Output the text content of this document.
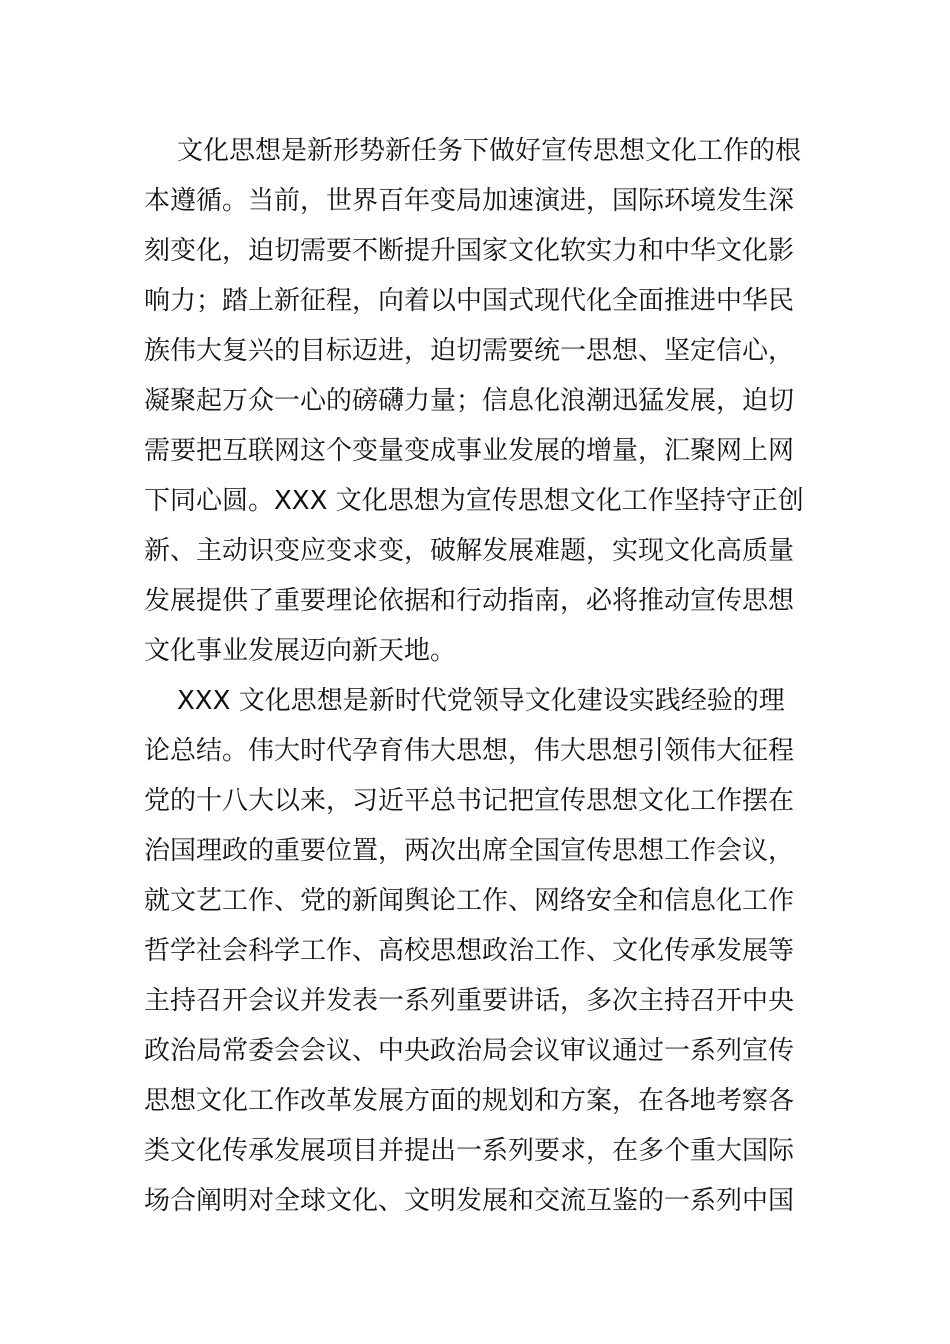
文化思想是新形势新任务下做好宣传思想文化工作的根
本遵循。当前，世界百年变局加速演进，国际环境发生深
刻变化，迫切需要不断提升国家文化软实力和中华文化影
响力；踏上新征程，向着以中国式现代化全面推进中华民
族伟大复兴的目标迈进，迫切需要统一思想、坚定信心，
凝聚起万众一心的磅礴力量；信息化浪潮迅猛发展，迫切
需要把互联网这个变量变成事业发展的增量，汇聚网上网
下同心圆。XXX 文化思想为宣传思想文化工作坚持守正创
新、主动识变应变求变，破解发展难题，实现文化高质量
发展提供了重要理论依据和行动指南，必将推动宣传思想
文化事业发展迈向新天地。
XXX 文化思想是新时代党领导文化建设实践经验的理
论总结。伟大时代孕育伟大思想，伟大思想引领伟大征程
党的十八大以来，习近平总书记把宣传思想文化工作摆在
治国理政的重要位置，两次出席全国宣传思想工作会议，
就文艺工作、党的新闻舆论工作、网络安全和信息化工作
哲学社会科学工作、高校思想政治工作、文化传承发展等
主持召开会议并发表一系列重要讲话，多次主持召开中央
政治局常委会会议、中央政治局会议审议通过一系列宣传
思想文化工作改革发展方面的规划和方案，在各地考察各
类文化传承发展项目并提出一系列要求，在多个重大国际
场合阐明对全球文化、文明发展和交流互鉴的一系列中国
